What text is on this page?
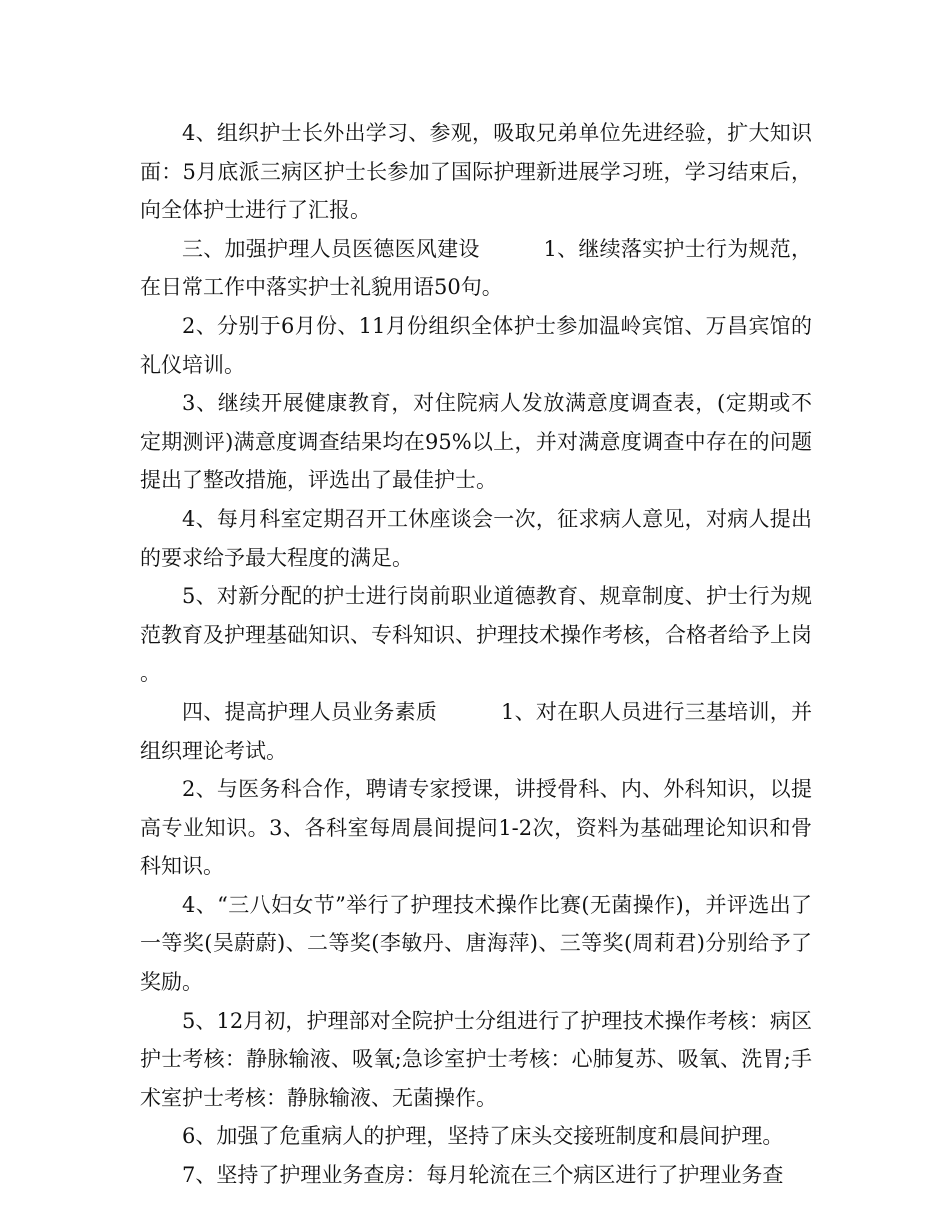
4、组织护士长外出学习、参观，吸取兄弟单位先进经验，扩大知识面：5月底派三病区护士长参加了国际护理新进展学习班，学习结束后，向全体护士进行了汇报。

三、加强护理人员医德医风建设　　　1、继续落实护士行为规范，在日常工作中落实护士礼貌用语50句。

2、分别于6月份、11月份组织全体护士参加温岭宾馆、万昌宾馆的礼仪培训。

3、继续开展健康教育，对住院病人发放满意度调查表，(定期或不定期测评)满意度调查结果均在95%以上，并对满意度调查中存在的问题提出了整改措施，评选出了最佳护士。

4、每月科室定期召开工休座谈会一次，征求病人意见，对病人提出的要求给予最大程度的满足。

5、对新分配的护士进行岗前职业道德教育、规章制度、护士行为规范教育及护理基础知识、专科知识、护理技术操作考核，合格者给予上岗。

四、提高护理人员业务素质　　　1、对在职人员进行三基培训，并组织理论考试。

2、与医务科合作，聘请专家授课，讲授骨科、内、外科知识，以提高专业知识。3、各科室每周晨间提问1-2次，资料为基础理论知识和骨科知识。

4、“三八妇女节”举行了护理技术操作比赛(无菌操作)，并评选出了一等奖(吴蔚蔚)、二等奖(李敏丹、唐海萍)、三等奖(周莉君)分别给予了奖励。

5、12月初，护理部对全院护士分组进行了护理技术操作考核：病区护士考核：静脉输液、吸氧;急诊室护士考核：心肺复苏、吸氧、洗胃;手术室护士考核：静脉输液、无菌操作。

6、加强了危重病人的护理，坚持了床头交接班制度和晨间护理。

7、坚持了护理业务查房：每月轮流在三个病区进行了护理业务查
